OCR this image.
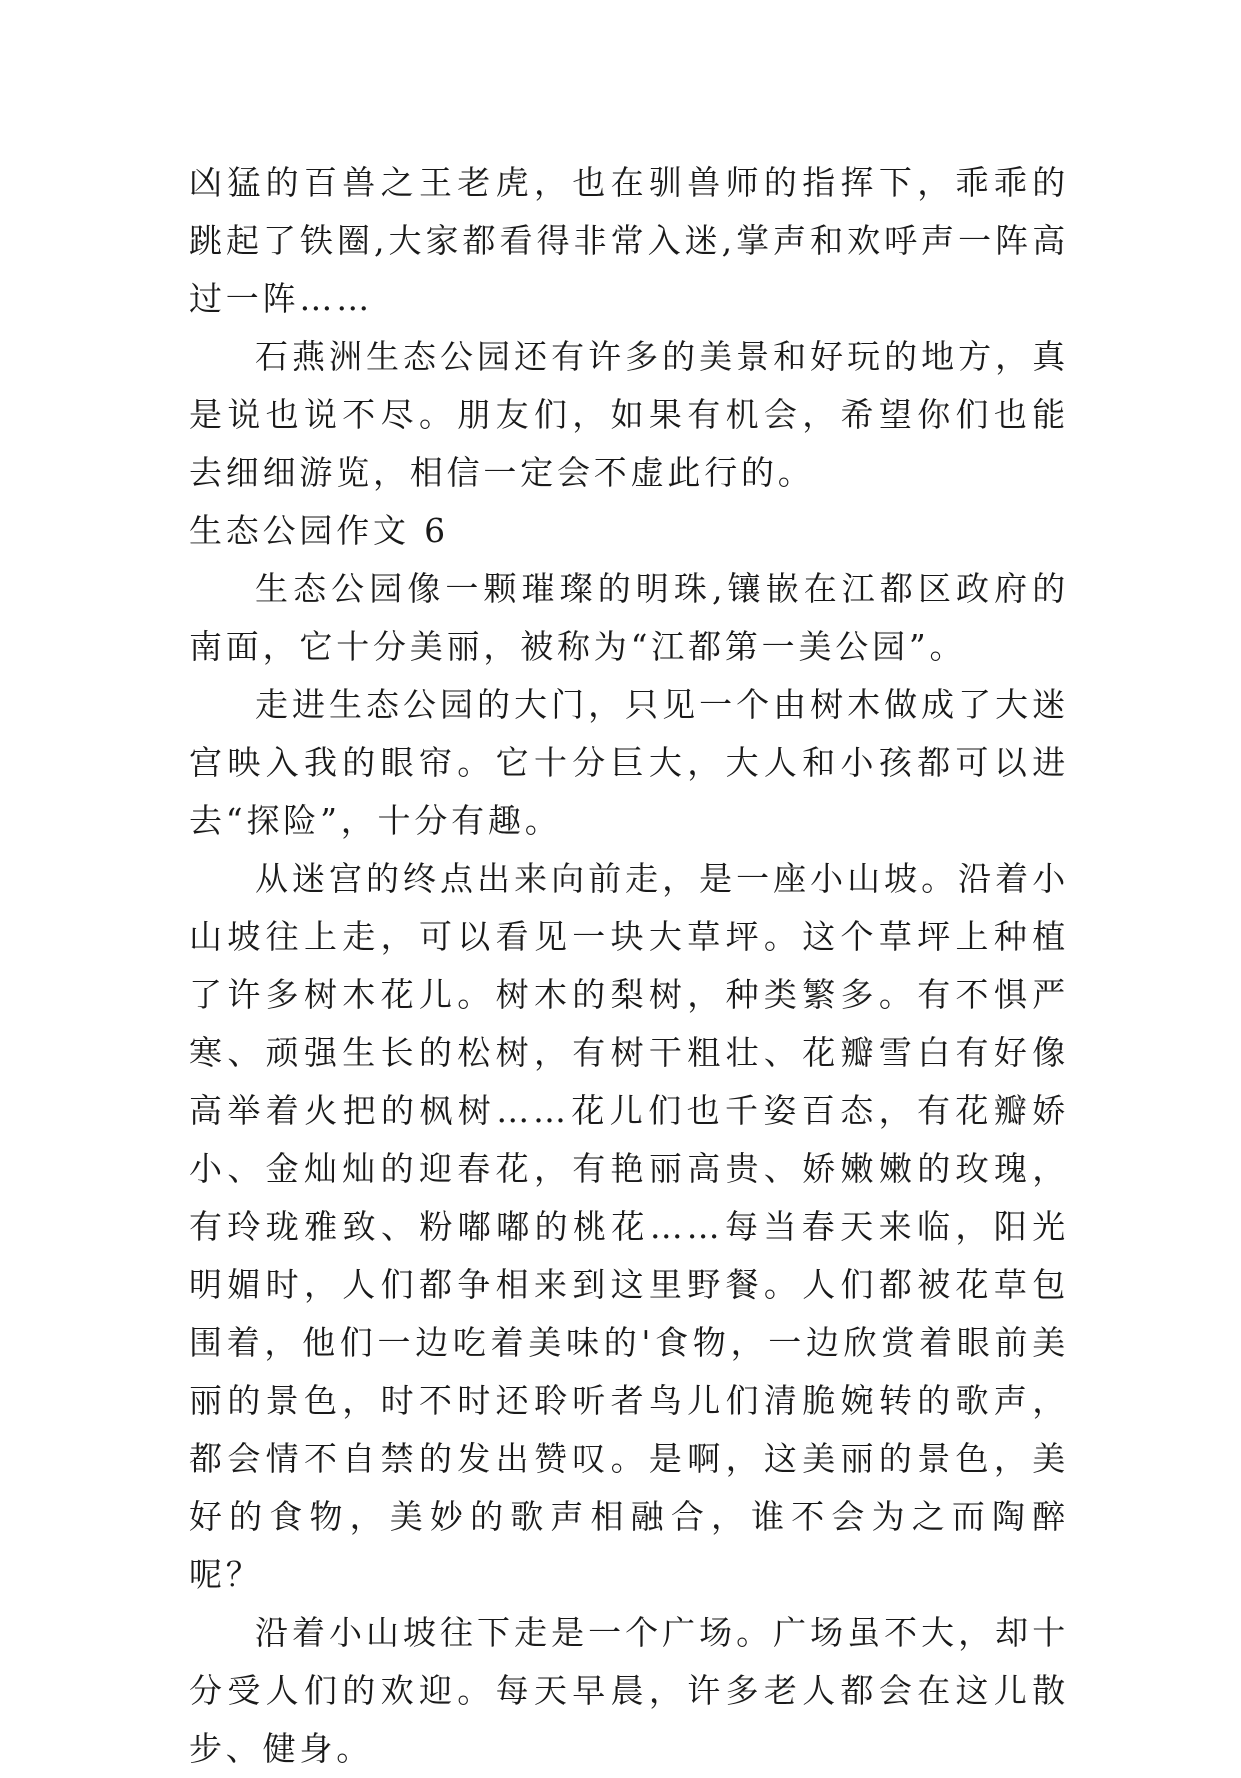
凶猛的百兽之王老虎，也在驯兽师的指挥下，乖乖的跳起了铁圈,大家都看得非常入迷,掌声和欢呼声一阵高过一阵……

石燕洲生态公园还有许多的美景和好玩的地方，真是说也说不尽。朋友们，如果有机会，希望你们也能去细细游览，相信一定会不虚此行的。

生态公园作文 6

生态公园像一颗璀璨的明珠,镶嵌在江都区政府的南面，它十分美丽，被称为“江都第一美公园”。

走进生态公园的大门，只见一个由树木做成了大迷宫映入我的眼帘。它十分巨大，大人和小孩都可以进去“探险”，十分有趣。

从迷宫的终点出来向前走，是一座小山坡。沿着小山坡往上走，可以看见一块大草坪。这个草坪上种植了许多树木花儿。树木的梨树，种类繁多。有不惧严寒、顽强生长的松树，有树干粗壮、花瓣雪白有好像高举着火把的枫树……花儿们也千姿百态，有花瓣娇小、金灿灿的迎春花，有艳丽高贵、娇嫩嫩的玫瑰，有玲珑雅致、粉嘟嘟的桃花……每当春天来临，阳光明媚时，人们都争相来到这里野餐。人们都被花草包围着，他们一边吃着美味的'食物，一边欣赏着眼前美丽的景色，时不时还聆听者鸟儿们清脆婉转的歌声，都会情不自禁的发出赞叹。是啊，这美丽的景色，美好的食物，美妙的歌声相融合，谁不会为之而陶醉呢？

沿着小山坡往下走是一个广场。广场虽不大，却十分受人们的欢迎。每天早晨，许多老人都会在这儿散步、健身。
